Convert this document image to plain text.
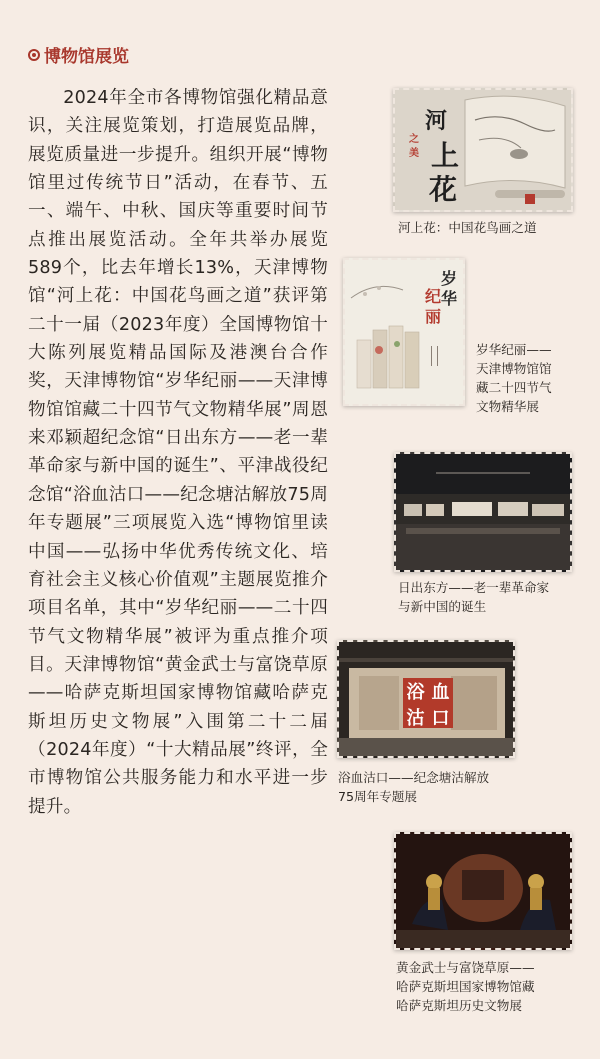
博物馆展览
2024年全市各博物馆强化精品意识，关注展览策划，打造展览品牌，展览质量进一步提升。组织开展“博物馆里过传统节日”活动，在春节、五一、端午、中秋、国庆等重要时间节点推出展览活动。全年共举办展览589个，比去年增长13%，天津博物馆“河上花：中国花鸟画之道”获评第二十一届（2023年度）全国博物馆十大陈列展览精品国际及港澳台合作奖，天津博物馆“岁华纪丽——天津博物馆馆藏二十四节气文物精华展”周恩来邓颖超纪念馆“日出东方——老一辈革命家与新中国的诞生”、平津战役纪念馆“浴血沽口——纪念塘沽解放75周年专题展”三项展览入选“博物馆里读中国——弘扬中华优秀传统文化、培育社会主义核心价值观”主题展览推介项目名单，其中“岁华纪丽——二十四节气文物精华展”被评为重点推介项目。天津博物馆“黄金武士与富饶草原——哈萨克斯坦国家博物馆藏哈萨克斯坦历史文物展”入围第二十二届（2024年度）“十大精品展”终评，全市博物馆公共服务能力和水平进一步提升。
河
上
花
之
美
河上花：中国花鸟画之道
岁
华
纪
丽
岁华纪丽——
天津博物馆馆
藏二十四节气
文物精华展
日出东方——老一辈革命家
与新中国的诞生
浴 血
沽 口
浴血沽口——纪念塘沽解放
75周年专题展
黄金武士与富饶草原——
哈萨克斯坦国家博物馆藏
哈萨克斯坦历史文物展
